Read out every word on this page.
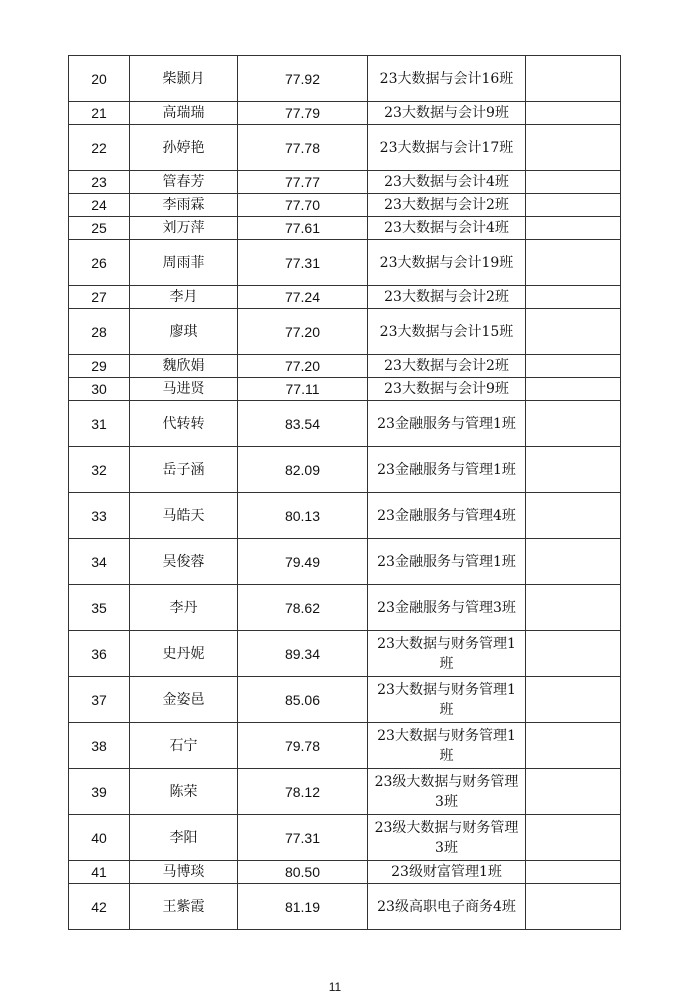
20	柴颢月	77.92	23大数据与会计16班	
21	高瑞瑞	77.79	23大数据与会计9班	
22	孙婷艳	77.78	23大数据与会计17班	
23	管春芳	77.77	23大数据与会计4班	
24	李雨霖	77.70	23大数据与会计2班	
25	刘万萍	77.61	23大数据与会计4班	
26	周雨菲	77.31	23大数据与会计19班	
27	李月	77.24	23大数据与会计2班	
28	廖琪	77.20	23大数据与会计15班	
29	魏欣娟	77.20	23大数据与会计2班	
30	马进贤	77.11	23大数据与会计9班	
31	代转转	83.54	23金融服务与管理1班	
32	岳子涵	82.09	23金融服务与管理1班	
33	马皓天	80.13	23金融服务与管理4班	
34	吴俊蓉	79.49	23金融服务与管理1班	
35	李丹	78.62	23金融服务与管理3班	
36	史丹妮	89.34	23大数据与财务管理1班	
37	金姿邑	85.06	23大数据与财务管理1班	
38	石宁	79.78	23大数据与财务管理1班	
39	陈荣	78.12	23级大数据与财务管理3班	
40	李阳	77.31	23级大数据与财务管理3班	
41	马博琰	80.50	23级财富管理1班	
42	王紫霞	81.19	23级高职电子商务4班	
11
